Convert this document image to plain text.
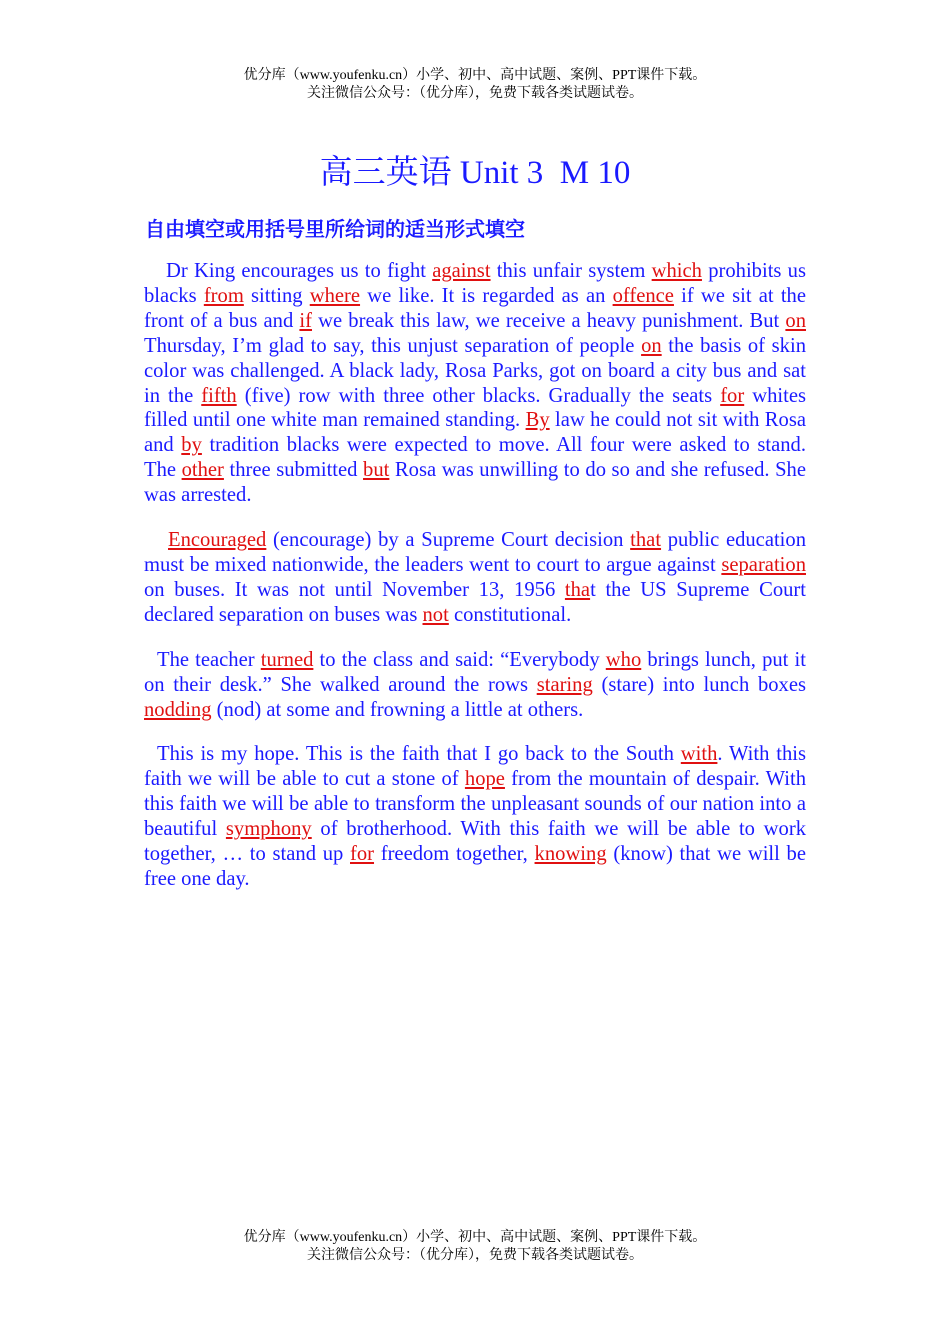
优分库（www.youfenku.cn）小学、初中、高中试题、案例、PPT课件下载。
关注微信公众号：（优分库），免费下载各类试题试卷。
高三英语 Unit 3  M 10
自由填空或用括号里所给词的适当形式填空

Dr King encourages us to fight against this unfair system which prohibits us blacks from sitting where we like. It is regarded as an offence if we sit at the front of a bus and if we break this law, we receive a heavy punishment. But on Thursday, I’m glad to say, this unjust separation of people on the basis of skin color was challenged. A black lady, Rosa Parks, got on board a city bus and sat in the fifth (five) row with three other blacks. Gradually the seats for whites filled until one white man remained standing. By law he could not sit with Rosa and by tradition blacks were expected to move. All four were asked to stand. The other three submitted but Rosa was unwilling to do so and she refused. She was arrested.

Encouraged (encourage) by a Supreme Court decision that public education must be mixed nationwide, the leaders went to court to argue against separation on buses. It was not until November 13, 1956 that the US Supreme Court declared separation on buses was not constitutional.

The teacher turned to the class and said: “Everybody who brings lunch, put it on their desk.” She walked around the rows staring (stare) into lunch boxes nodding (nod) at some and frowning a little at others.

This is my hope. This is the faith that I go back to the South with. With this faith we will be able to cut a stone of hope from the mountain of despair. With this faith we will be able to transform the unpleasant sounds of our nation into a beautiful symphony of brotherhood. With this faith we will be able to work together, … to stand up for freedom together, knowing (know) that we will be free one day.

优分库（www.youfenku.cn）小学、初中、高中试题、案例、PPT课件下载。
关注微信公众号：（优分库），免费下载各类试题试卷。
